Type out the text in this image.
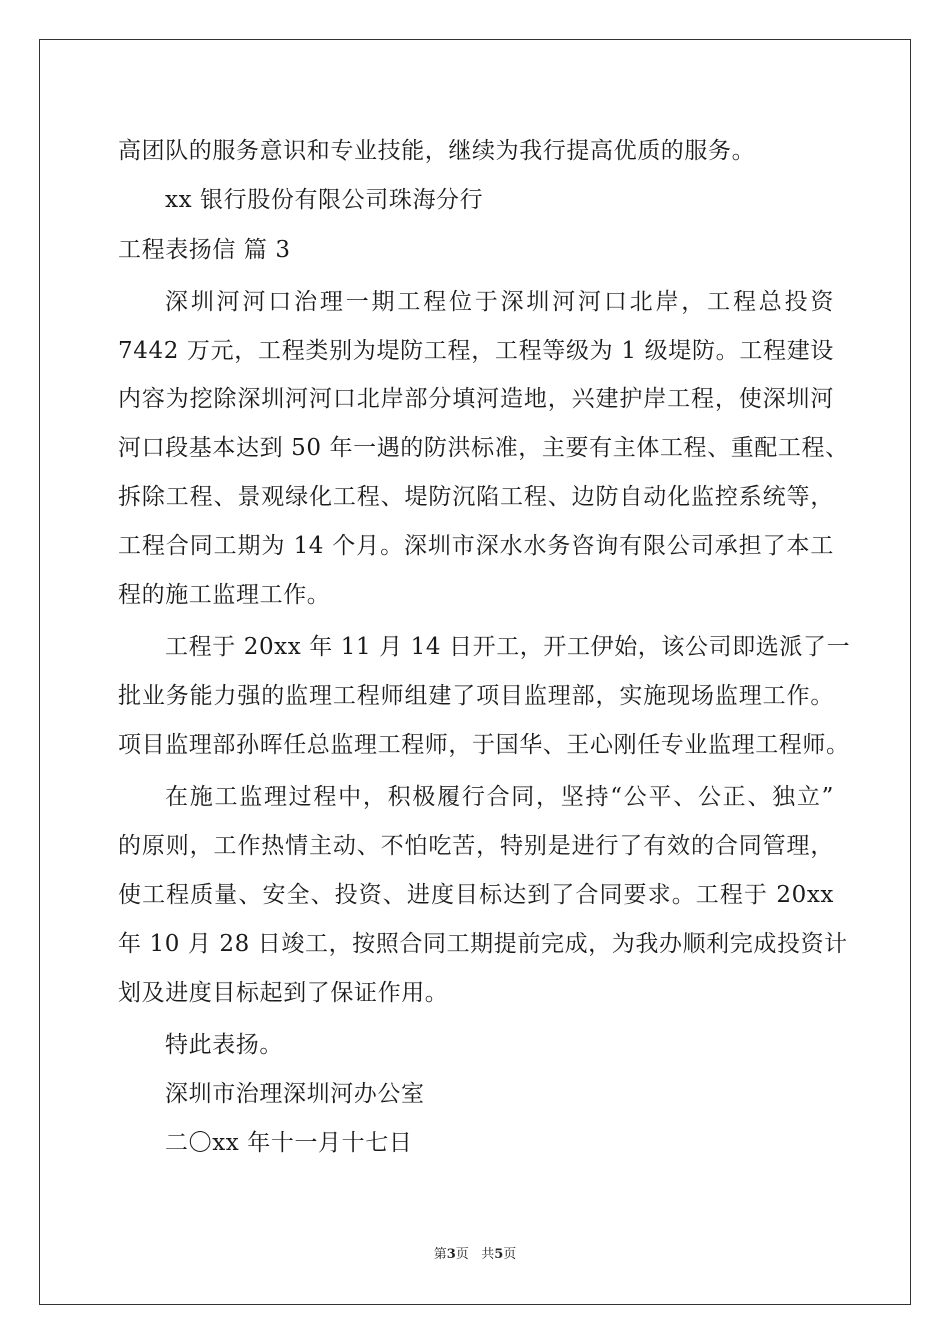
高团队的服务意识和专业技能，继续为我行提高优质的服务。
xx 银行股份有限公司珠海分行
工程表扬信 篇 3
深圳河河口治理一期工程位于深圳河河口北岸，工程总投资
7442 万元，工程类别为堤防工程，工程等级为 1 级堤防。工程建设
内容为挖除深圳河河口北岸部分填河造地，兴建护岸工程，使深圳河
河口段基本达到 50 年一遇的防洪标准，主要有主体工程、重配工程、
拆除工程、景观绿化工程、堤防沉陷工程、边防自动化监控系统等，
工程合同工期为 14 个月。深圳市深水水务咨询有限公司承担了本工
程的施工监理工作。
工程于 20xx 年 11 月 14 日开工，开工伊始，该公司即选派了一
批业务能力强的监理工程师组建了项目监理部，实施现场监理工作。
项目监理部孙晖任总监理工程师，于国华、王心刚任专业监理工程师。
在施工监理过程中，积极履行合同，坚持“公平、公正、独立”
的原则，工作热情主动、不怕吃苦，特别是进行了有效的合同管理，
使工程质量、安全、投资、进度目标达到了合同要求。工程于 20xx
年 10 月 28 日竣工，按照合同工期提前完成，为我办顺利完成投资计
划及进度目标起到了保证作用。
特此表扬。
深圳市治理深圳河办公室
二〇xx 年十一月十七日
第3页 共5页
